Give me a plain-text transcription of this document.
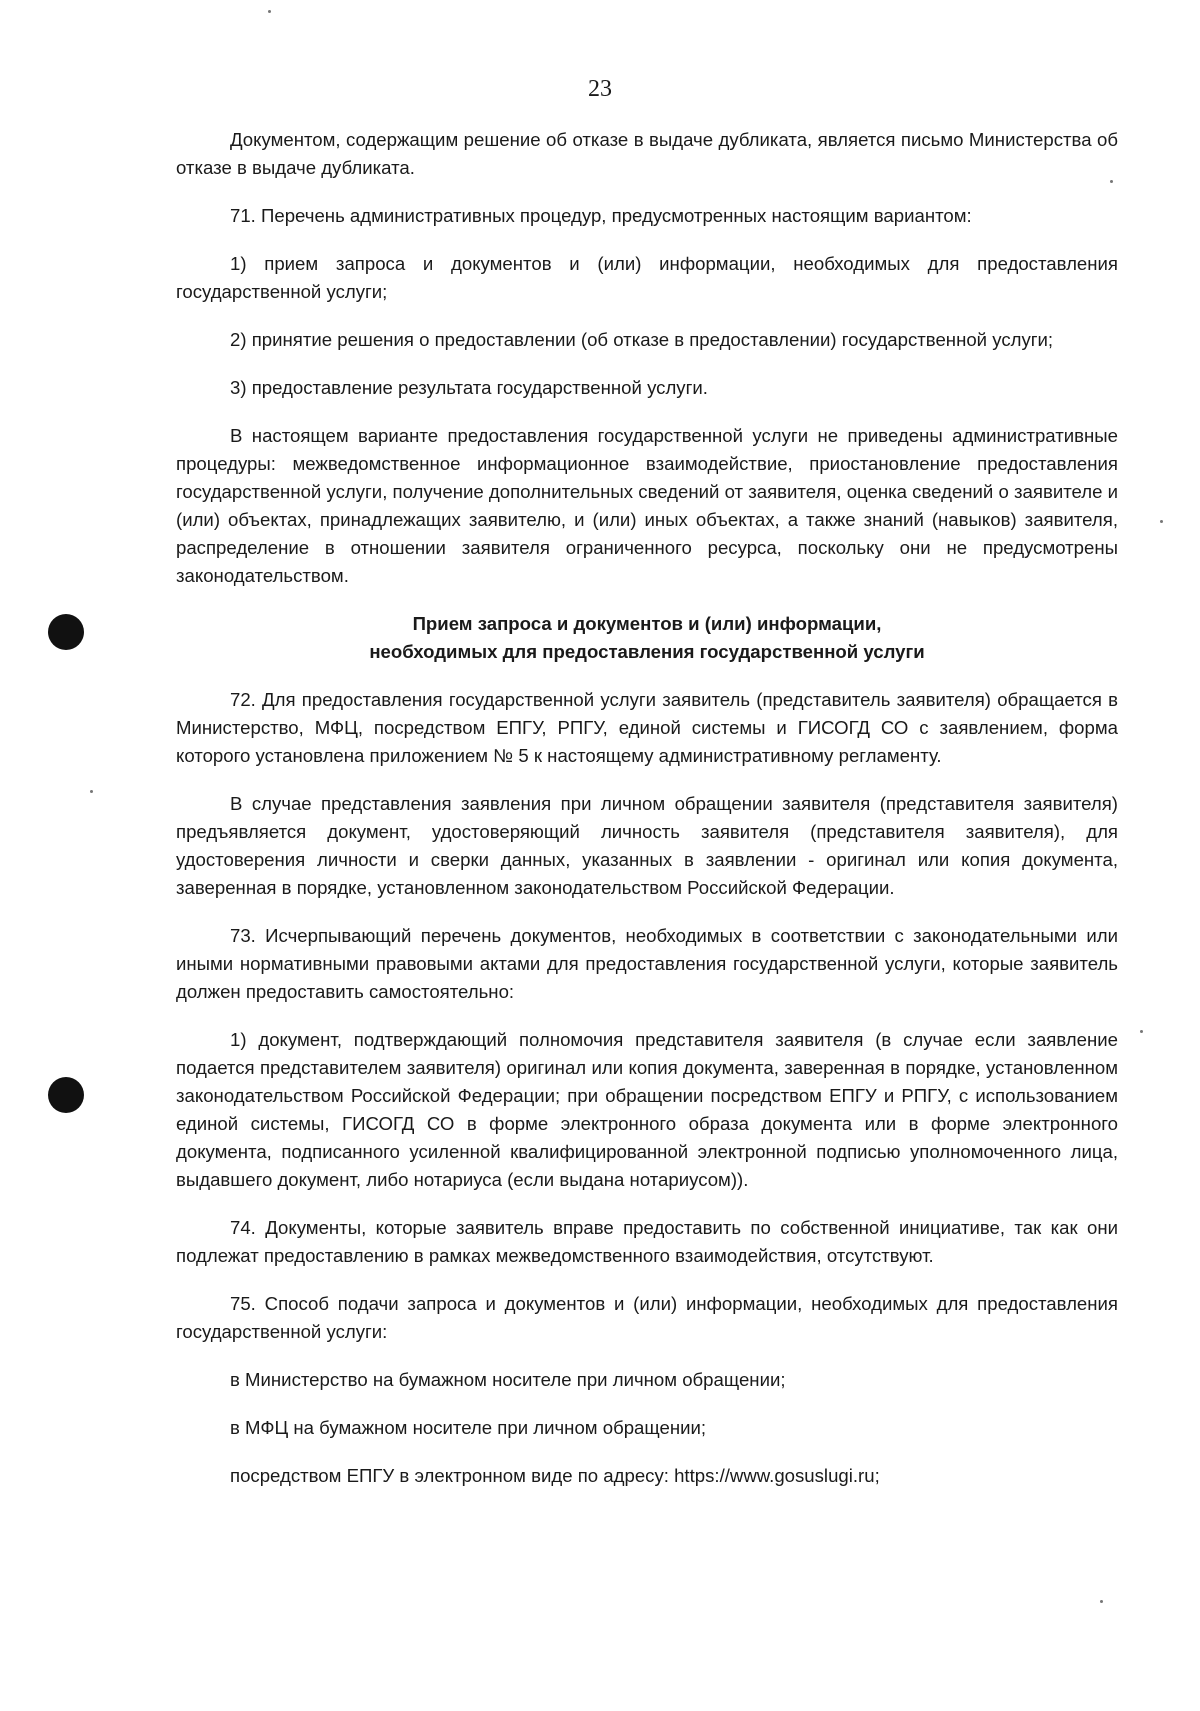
23

Документом, содержащим решение об отказе в выдаче дубликата, является письмо Министерства об отказе в выдаче дубликата.

71. Перечень административных процедур, предусмотренных настоящим вариантом:

1) прием запроса и документов и (или) информации, необходимых для предоставления государственной услуги;

2) принятие решения о предоставлении (об отказе в предоставлении) государственной услуги;

3) предоставление результата государственной услуги.

В настоящем варианте предоставления государственной услуги не приведены административные процедуры: межведомственное информационное взаимодействие, приостановление предоставления государственной услуги, получение дополнительных сведений от заявителя, оценка сведений о заявителе и (или) объектах, принадлежащих заявителю, и (или) иных объектах, а также знаний (навыков) заявителя, распределение в отношении заявителя ограниченного ресурса, поскольку они не предусмотрены законодательством.

Прием запроса и документов и (или) информации,
необходимых для предоставления государственной услуги

72. Для предоставления государственной услуги заявитель (представитель заявителя) обращается в Министерство, МФЦ, посредством ЕПГУ, РПГУ, единой системы и ГИСОГД СО с заявлением, форма которого установлена приложением № 5 к настоящему административному регламенту.

В случае представления заявления при личном обращении заявителя (представителя заявителя) предъявляется документ, удостоверяющий личность заявителя (представителя заявителя), для удостоверения личности и сверки данных, указанных в заявлении - оригинал или копия документа, заверенная в порядке, установленном законодательством Российской Федерации.

73. Исчерпывающий перечень документов, необходимых в соответствии с законодательными или иными нормативными правовыми актами для предоставления государственной услуги, которые заявитель должен предоставить самостоятельно:

1) документ, подтверждающий полномочия представителя заявителя (в случае если заявление подается представителем заявителя) оригинал или копия документа, заверенная в порядке, установленном законодательством Российской Федерации; при обращении посредством ЕПГУ и РПГУ, с использованием единой системы, ГИСОГД СО в форме электронного образа документа или в форме электронного документа, подписанного усиленной квалифицированной электронной подписью уполномоченного лица, выдавшего документ, либо нотариуса (если выдана нотариусом)).

74. Документы, которые заявитель вправе предоставить по собственной инициативе, так как они подлежат предоставлению в рамках межведомственного взаимодействия, отсутствуют.

75. Способ подачи запроса и документов и (или) информации, необходимых для предоставления государственной услуги:

в Министерство на бумажном носителе при личном обращении;

в МФЦ на бумажном носителе при личном обращении;

посредством ЕПГУ в электронном виде по адресу: https://www.gosuslugi.ru;
